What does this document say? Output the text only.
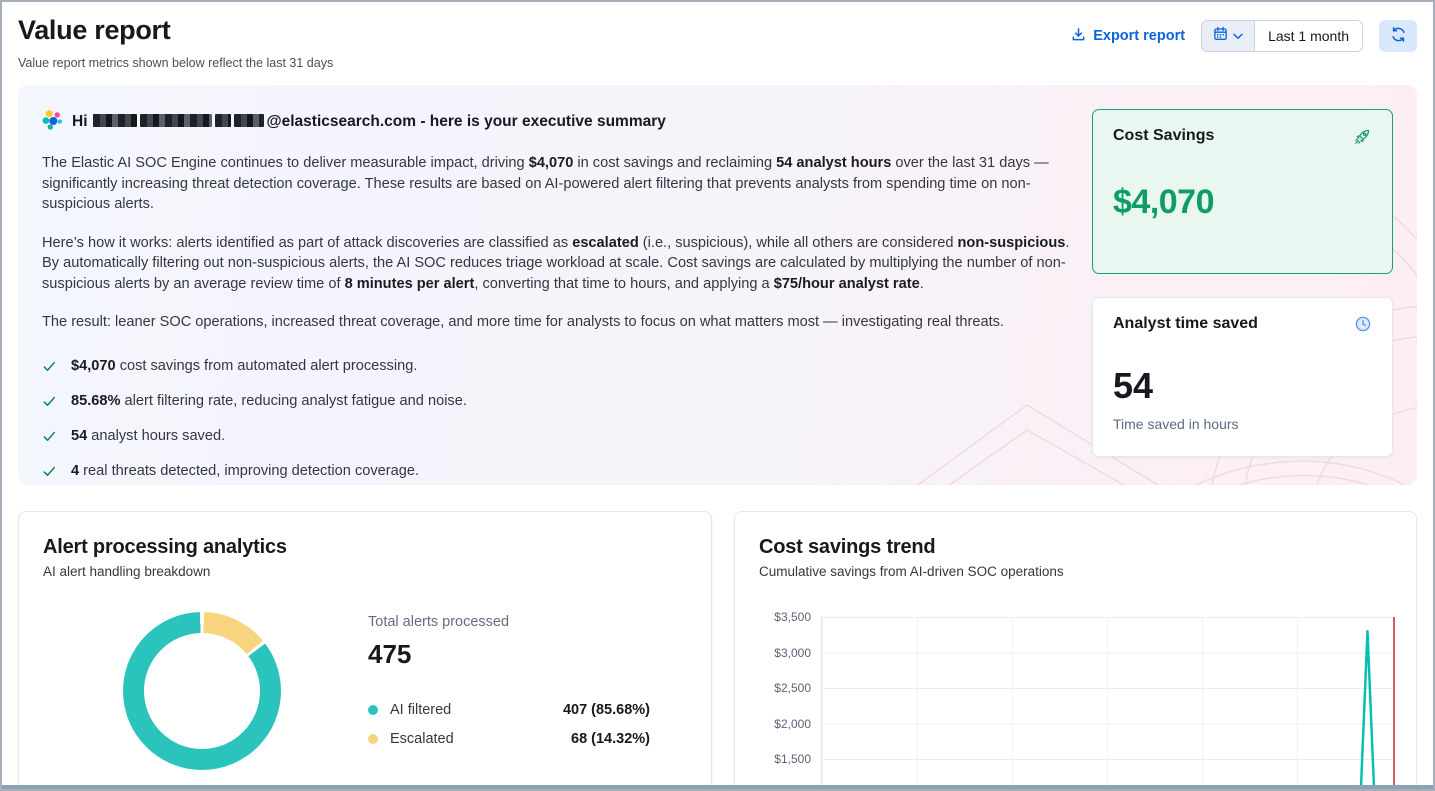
Value report
Value report metrics shown below reflect the last 31 days
Export report	Last 1 month
Hi	@elasticsearch.com - here is your executive summary

The Elastic AI SOC Engine continues to deliver measurable impact, driving $4,070 in cost savings and reclaiming 54 analyst hours over the last 31 days — significantly increasing threat detection coverage. These results are based on AI-powered alert filtering that prevents analysts from spending time on non-suspicious alerts.

Here’s how it works: alerts identified as part of attack discoveries are classified as escalated (i.e., suspicious), while all others are considered non-suspicious. By automatically filtering out non-suspicious alerts, the AI SOC reduces triage workload at scale. Cost savings are calculated by multiplying the number of non-suspicious alerts by an average review time of 8 minutes per alert, converting that time to hours, and applying a $75/hour analyst rate.

The result: leaner SOC operations, increased threat coverage, and more time for analysts to focus on what matters most — investigating real threats.

$4,070 cost savings from automated alert processing.
85.68% alert filtering rate, reducing analyst fatigue and noise.
54 analyst hours saved.
4 real threats detected, improving detection coverage.
Cost Savings
$4,070
Analyst time saved
54
Time saved in hours
Alert processing analytics
AI alert handling breakdown
Total alerts processed
475
AI filtered	407 (85.68%)
Escalated	68 (14.32%)
Cost savings trend
Cumulative savings from AI-driven SOC operations
$3,500
$3,000
$2,500
$2,000
$1,500
